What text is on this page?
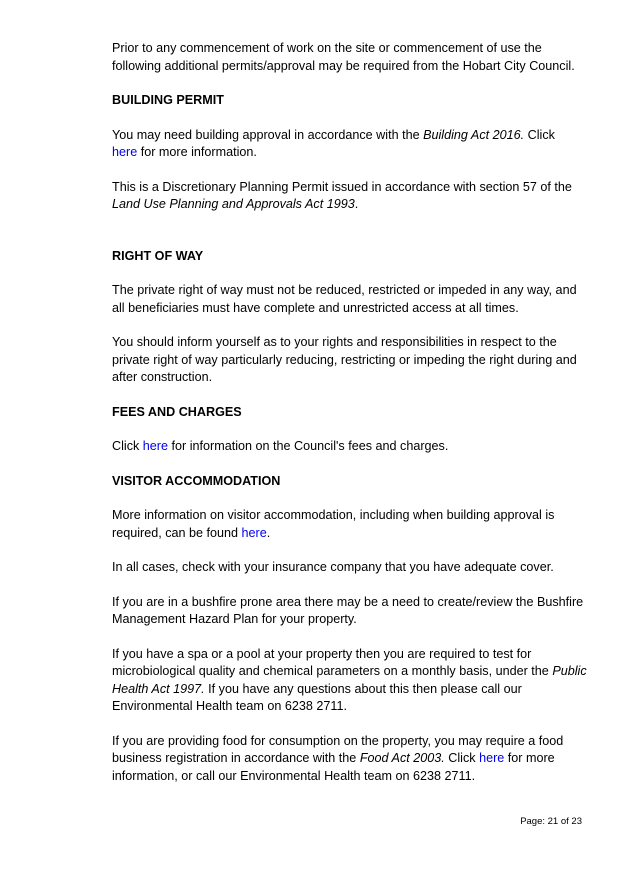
Prior to any commencement of work on the site or commencement of use the following additional permits/approval may be required from the Hobart City Council.

BUILDING PERMIT

You may need building approval in accordance with the Building Act 2016. Click
here for more information.

This is a Discretionary Planning Permit issued in accordance with section 57 of the Land Use Planning and Approvals Act 1993.

RIGHT OF WAY

The private right of way must not be reduced, restricted or impeded in any way, and all beneficiaries must have complete and unrestricted access at all times.

You should inform yourself as to your rights and responsibilities in respect to the private right of way particularly reducing, restricting or impeding the right during and after construction.

FEES AND CHARGES

Click here for information on the Council's fees and charges.

VISITOR ACCOMMODATION

More information on visitor accommodation, including when building approval is required, can be found here.

In all cases, check with your insurance company that you have adequate cover.

If you are in a bushfire prone area there may be a need to create/review the Bushfire Management Hazard Plan for your property.

If you have a spa or a pool at your property then you are required to test for microbiological quality and chemical parameters on a monthly basis, under the Public Health Act 1997. If you have any questions about this then please call our Environmental Health team on 6238 2711.

If you are providing food for consumption on the property, you may require a food business registration in accordance with the Food Act 2003. Click here for more information, or call our Environmental Health team on 6238 2711.

Page: 21 of 23
